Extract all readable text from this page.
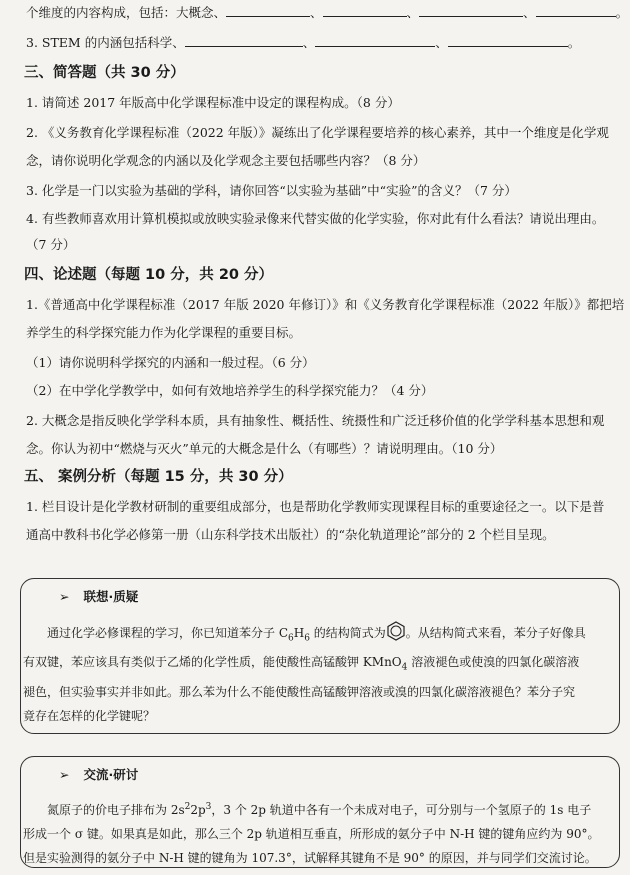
个维度的内容构成，包括：大概念、	、	、	、	。
3. STEM 的内涵包括科学、	、	、	。
三、简答题（共 30 分）
1. 请简述 2017 年版高中化学课程标准中设定的课程构成。（8 分）
2. 《义务教育化学课程标准（2022 年版）》凝练出了化学课程要培养的核心素养，其中一个维度是化学观
念，请你说明化学观念的内涵以及化学观念主要包括哪些内容？（8 分）
3. 化学是一门以实验为基础的学科，请你回答“以实验为基础”中“实验”的含义？（7 分）
4. 有些教师喜欢用计算机模拟或放映实验录像来代替实做的化学实验，你对此有什么看法？请说出理由。
（7 分）
四、论述题（每题 10 分，共 20 分）
1.《普通高中化学课程标准（2017 年版 2020 年修订）》和《义务教育化学课程标准（2022 年版）》都把培
养学生的科学探究能力作为化学课程的重要目标。
（1）请你说明科学探究的内涵和一般过程。（6 分）
（2）在中学化学教学中，如何有效地培养学生的科学探究能力？（4 分）
2. 大概念是指反映化学学科本质，具有抽象性、概括性、统摄性和广泛迁移价值的化学学科基本思想和观
念。你认为初中“燃烧与灭火”单元的大概念是什么（有哪些）？请说明理由。（10 分）
五、 案例分析（每题 15 分，共 30 分）
1. 栏目设计是化学教材研制的重要组成部分，也是帮助化学教师实现课程目标的重要途径之一。以下是普
通高中教科书化学必修第一册（山东科学技术出版社）的“杂化轨道理论”部分的 2 个栏目呈现。
➢ 联想·质疑
　　通过化学必修课程的学习，你已知道苯分子 $C_6H_6$ 的结构简式为 。从结构简式来看，苯分子好像具
有双键，苯应该具有类似于乙烯的化学性质，能使酸性高锰酸钾 KMnO$_4$ 溶液褪色或使溴的四氯化碳溶液
褪色，但实验事实并非如此。那么苯为什么不能使酸性高锰酸钾溶液或溴的四氯化碳溶液褪色？苯分子究
竟存在怎样的化学键呢？
➢ 交流·研讨
　　氮原子的价电子排布为 $2s^22p^3$，3 个 2p 轨道中各有一个未成对电子，可分别与一个氢原子的 1s 电子
形成一个 σ 键。如果真是如此，那么三个 2p 轨道相互垂直，所形成的氨分子中 N-H 键的键角应约为 90°。
但是实验测得的氨分子中 N-H 键的键角为 107.3°，试解释其键角不是 90° 的原因，并与同学们交流讨论。
